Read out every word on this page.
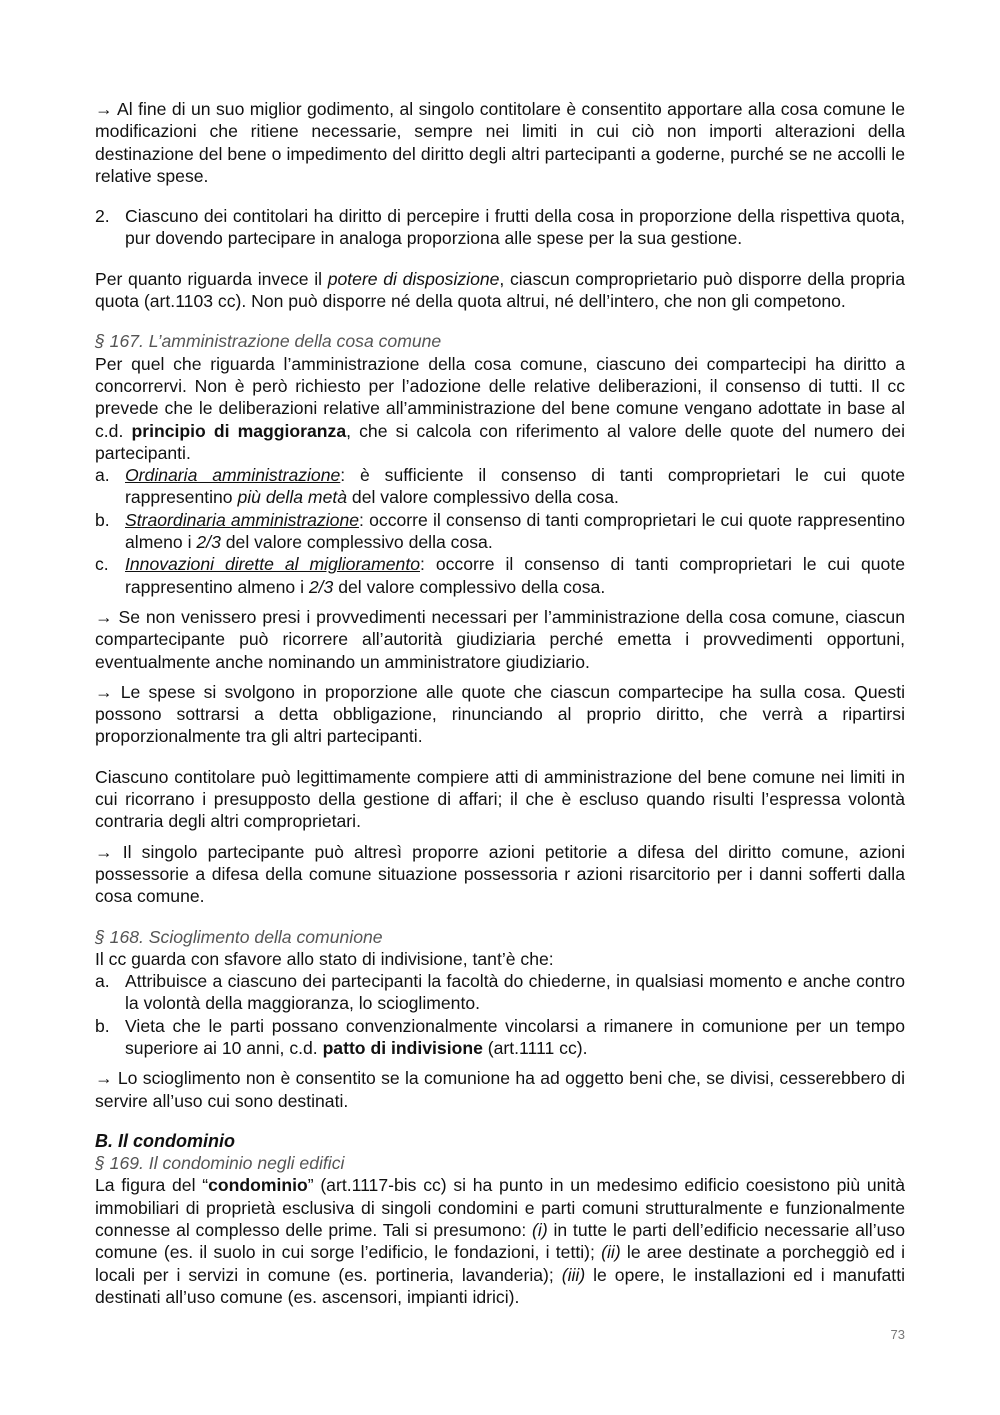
→ Al fine di un suo miglior godimento, al singolo contitolare è consentito apportare alla cosa comune le modificazioni che ritiene necessarie, sempre nei limiti in cui ciò non importi alterazioni della destinazione del bene o impedimento del diritto degli altri partecipanti a goderne, purché se ne accolli le relative spese.

2. Ciascuno dei contitolari ha diritto di percepire i frutti della cosa in proporzione della rispettiva quota, pur dovendo partecipare in analoga proporziona alle spese per la sua gestione.

Per quanto riguarda invece il potere di disposizione, ciascun comproprietario può disporre della propria quota (art.1103 cc). Non può disporre né della quota altrui, né dell’intero, che non gli competono.

§ 167. L’amministrazione della cosa comune

Per quel che riguarda l’amministrazione della cosa comune, ciascuno dei compartecipi ha diritto a concorrervi. Non è però richiesto per l’adozione delle relative deliberazioni, il consenso di tutti. Il cc prevede che le deliberazioni relative all’amministrazione del bene comune vengano adottate in base al c.d. principio di maggioranza, che si calcola con riferimento al valore delle quote del numero dei partecipanti.

a. Ordinaria amministrazione: è sufficiente il consenso di tanti comproprietari le cui quote rappresentino più della metà del valore complessivo della cosa.
b. Straordinaria amministrazione: occorre il consenso di tanti comproprietari le cui quote rappresentino almeno i 2/3 del valore complessivo della cosa.
c. Innovazioni dirette al miglioramento: occorre il consenso di tanti comproprietari le cui quote rappresentino almeno i 2/3 del valore complessivo della cosa.

→ Se non venissero presi i provvedimenti necessari per l’amministrazione della cosa comune, ciascun compartecipante può ricorrere all’autorità giudiziaria perché emetta i provvedimenti opportuni, eventualmente anche nominando un amministratore giudiziario.

→ Le spese si svolgono in proporzione alle quote che ciascun compartecipe ha sulla cosa. Questi possono sottrarsi a detta obbligazione, rinunciando al proprio diritto, che verrà a ripartirsi proporzionalmente tra gli altri partecipanti.

Ciascuno contitolare può legittimamente compiere atti di amministrazione del bene comune nei limiti in cui ricorrano i presupposto della gestione di affari; il che è escluso quando risulti l’espressa volontà contraria degli altri comproprietari.

→ Il singolo partecipante può altresì proporre azioni petitorie a difesa del diritto comune, azioni possessorie a difesa della comune situazione possessoria r azioni risarcitorio per i danni sofferti dalla cosa comune.

§ 168. Scioglimento della comunione

Il cc guarda con sfavore allo stato di indivisione, tant’è che:

a. Attribuisce a ciascuno dei partecipanti la facoltà do chiederne, in qualsiasi momento e anche contro la volontà della maggioranza, lo scioglimento.
b. Vieta che le parti possano convenzionalmente vincolarsi a rimanere in comunione per un tempo superiore ai 10 anni, c.d. patto di indivisione (art.1111 cc).

→ Lo scioglimento non è consentito se la comunione ha ad oggetto beni che, se divisi, cesserebbero di servire all’uso cui sono destinati.

B. Il condominio

§ 169. Il condominio negli edifici

La figura del “condominio” (art.1117-bis cc) si ha punto in un medesimo edificio coesistono più unità immobiliari di proprietà esclusiva di singoli condomini e parti comuni strutturalmente e funzionalmente connesse al complesso delle prime. Tali si presumono: (i) in tutte le parti dell’edificio necessarie all’uso comune (es. il suolo in cui sorge l’edificio, le fondazioni, i tetti); (ii) le aree destinate a porcheggiò ed i locali per i servizi in comune (es. portineria, lavanderia); (iii) le opere, le installazioni ed i manufatti destinati all’uso comune (es. ascensori, impianti idrici).

73
